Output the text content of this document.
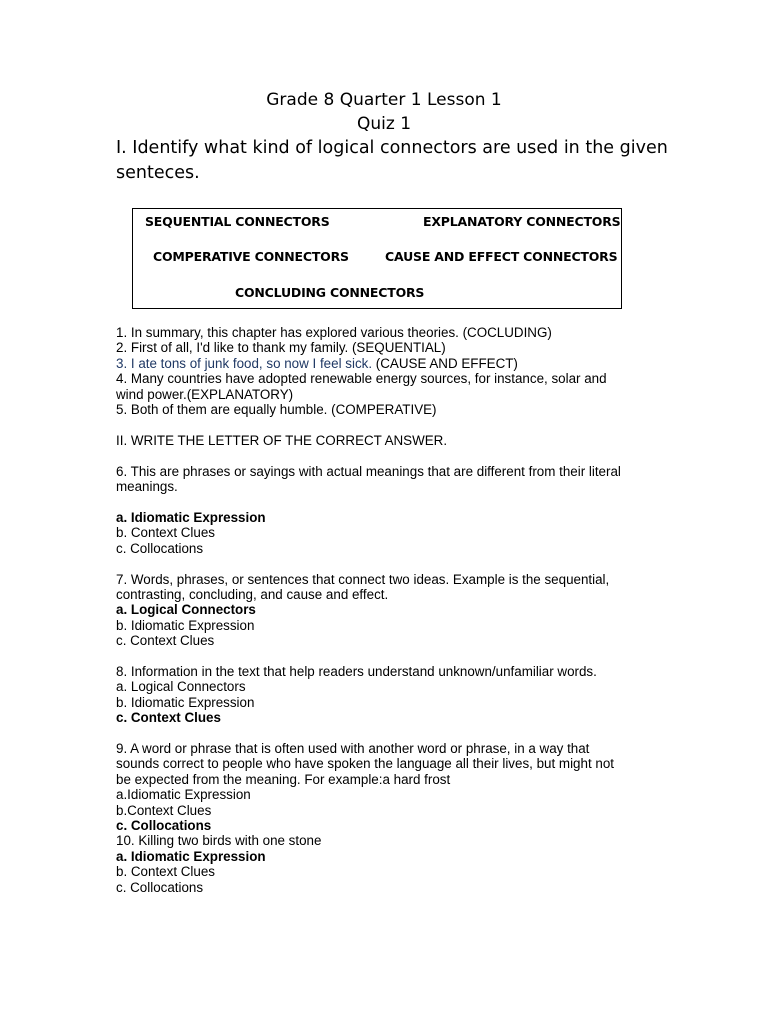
Grade 8 Quarter 1 Lesson 1
Quiz 1
I. Identify what kind of logical connectors are used in the given senteces.
SEQUENTIAL CONNECTORS	EXPLANATORY CONNECTORS
COMPERATIVE CONNECTORS	CAUSE AND EFFECT CONNECTORS
CONCLUDING CONNECTORS
1. In summary, this chapter has explored various theories. (COCLUDING)
2. First of all, I'd like to thank my family. (SEQUENTIAL)
3. I ate tons of junk food, so now I feel sick. (CAUSE AND EFFECT)
4. Many countries have adopted renewable energy sources, for instance, solar and
wind power.(EXPLANATORY)
5. Both of them are equally humble. (COMPERATIVE)
II. WRITE THE LETTER OF THE CORRECT ANSWER.
6. This are phrases or sayings with actual meanings that are different from their literal
meanings.
a. Idiomatic Expression
b. Context Clues
c. Collocations
7. Words, phrases, or sentences that connect two ideas. Example is the sequential,
contrasting, concluding, and cause and effect.
a. Logical Connectors
b. Idiomatic Expression
c. Context Clues
8. Information in the text that help readers understand unknown/unfamiliar words.
a. Logical Connectors
b. Idiomatic Expression
c. Context Clues
9. A word or phrase that is often used with another word or phrase, in a way that
sounds correct to people who have spoken the language all their lives, but might not
be expected from the meaning. For example:a hard frost
a.Idiomatic Expression
b.Context Clues
c. Collocations
10. Killing two birds with one stone
a. Idiomatic Expression
b. Context Clues
c. Collocations
